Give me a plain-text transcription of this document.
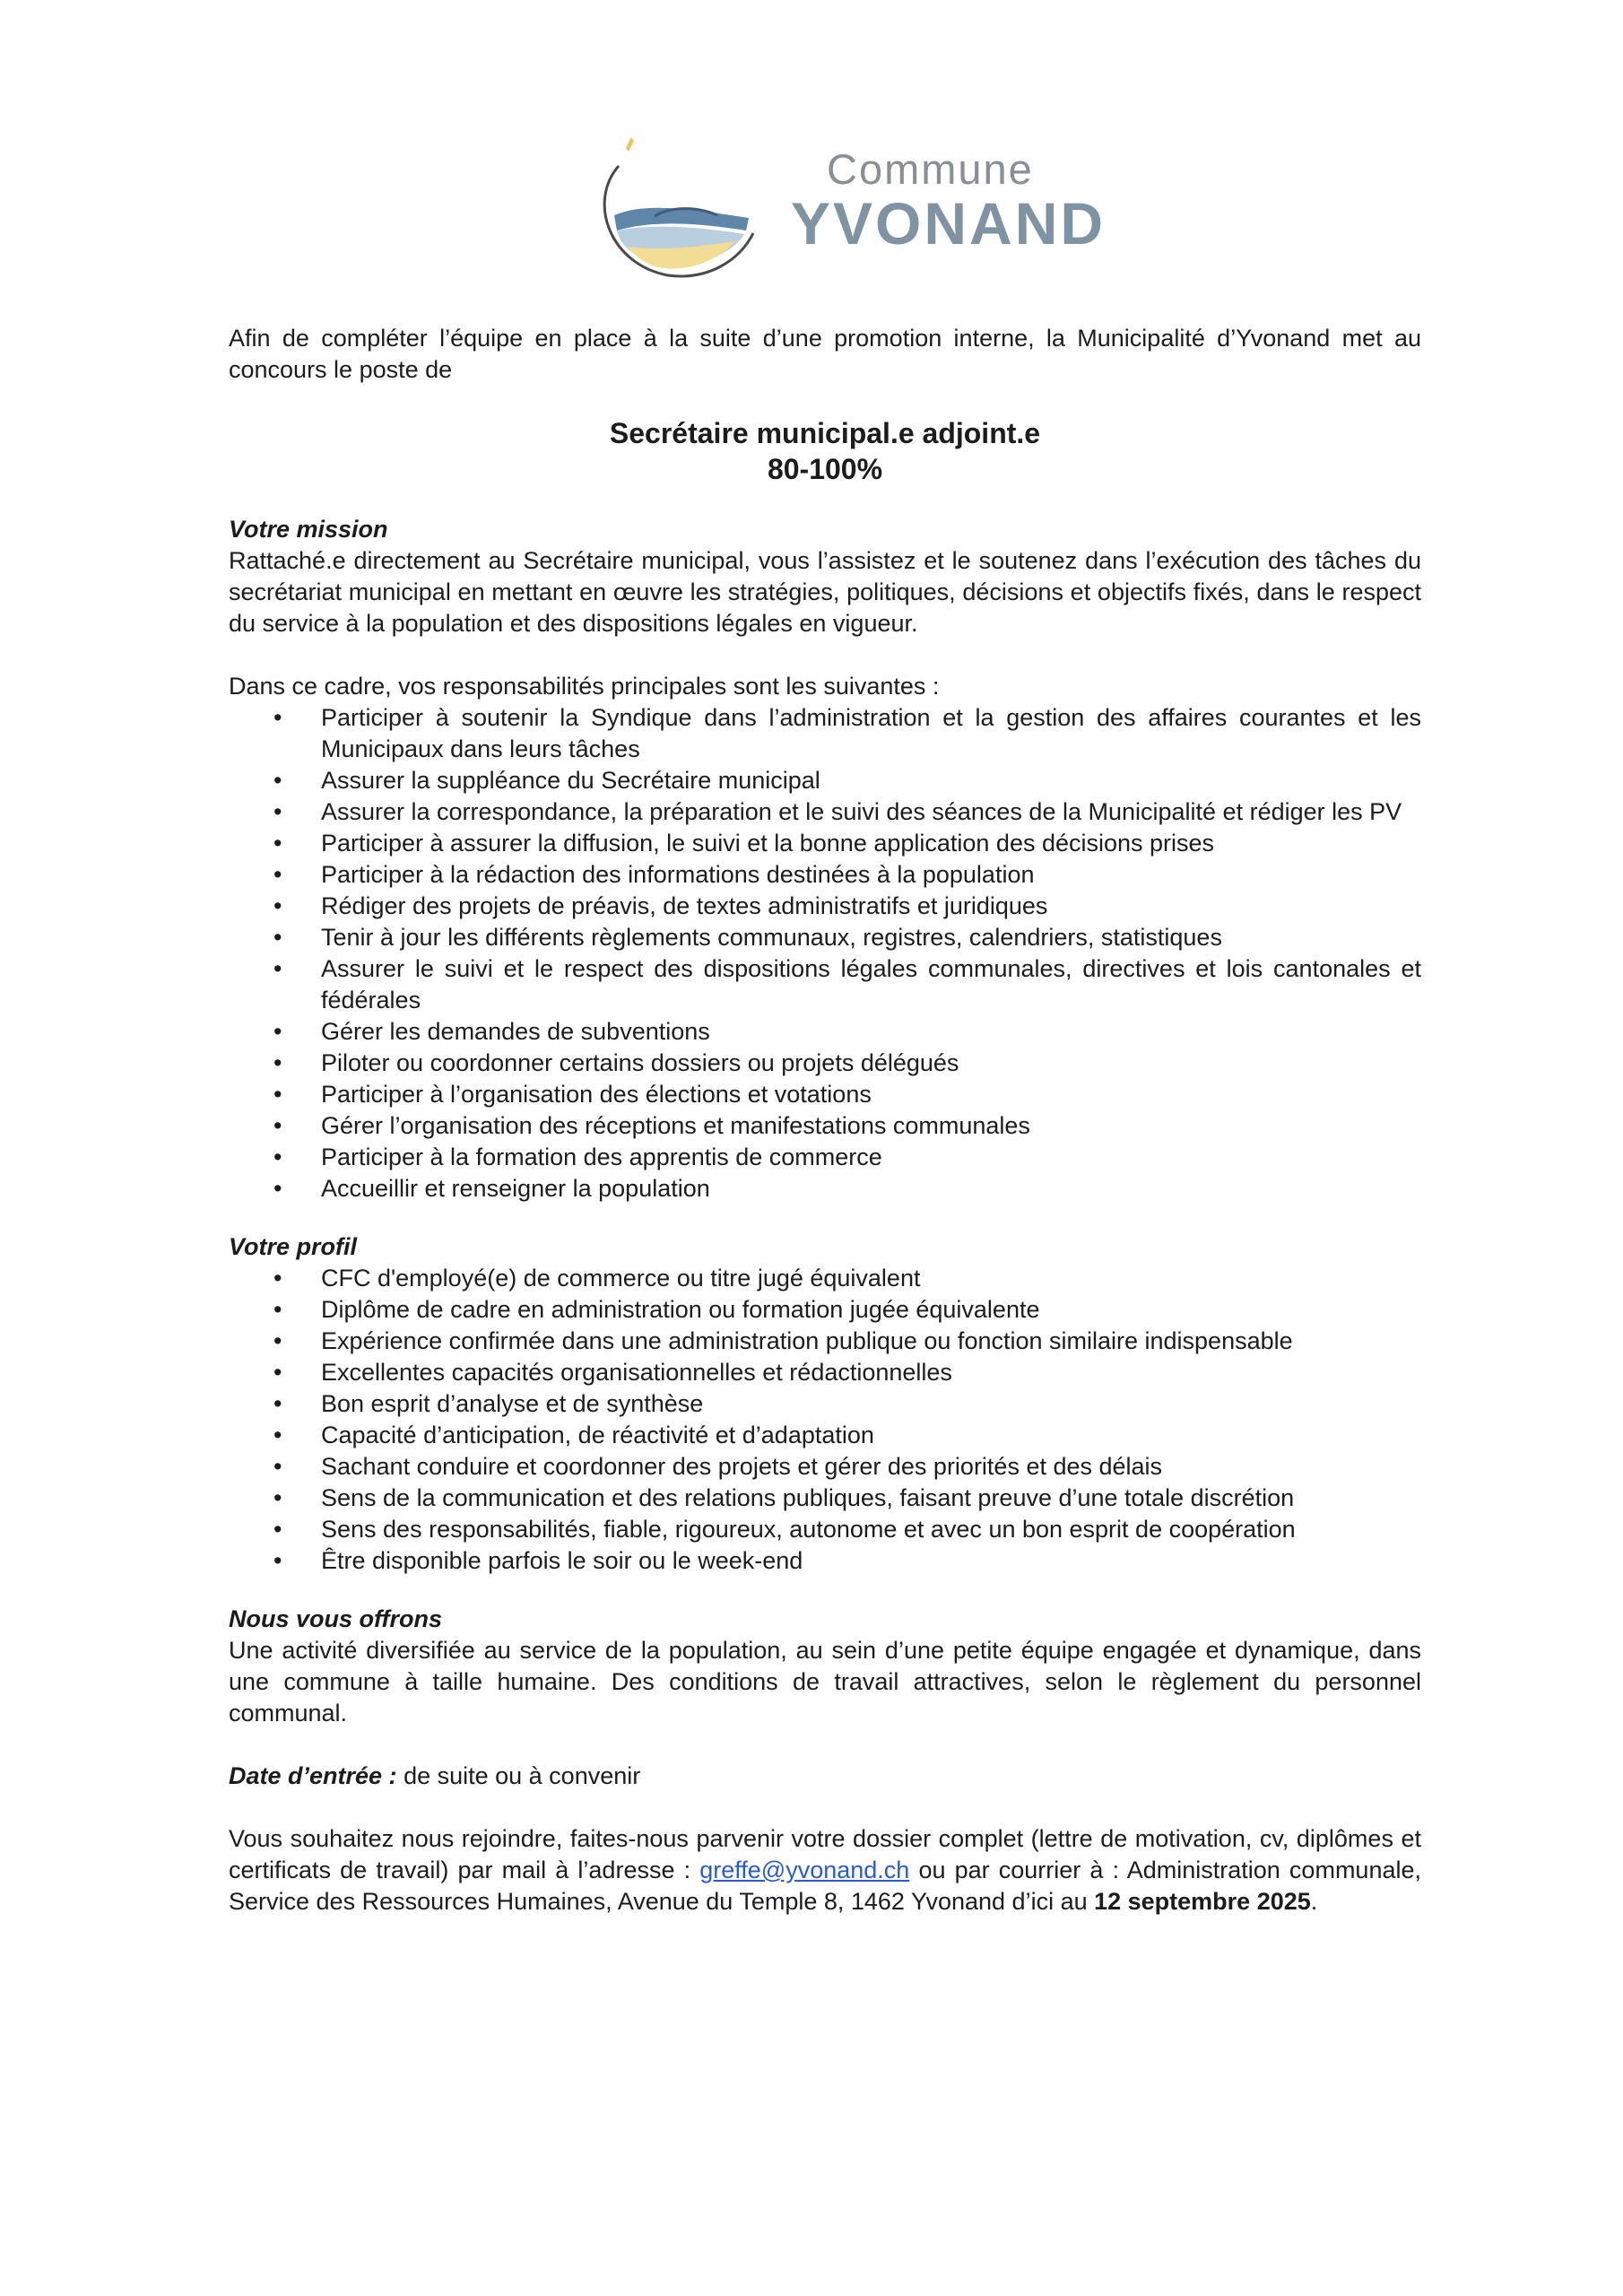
Commune
YVONAND

Afin de compléter l’équipe en place à la suite d’une promotion interne, la Municipalité d’Yvonand met au concours le poste de

Secrétaire municipal.e adjoint.e
80-100%
Votre mission

Rattaché.e directement au Secrétaire municipal, vous l’assistez et le soutenez dans l’exécution des tâches du secrétariat municipal en mettant en œuvre les stratégies, politiques, décisions et objectifs fixés, dans le respect du service à la population et des dispositions légales en vigueur.

Dans ce cadre, vos responsabilités principales sont les suivantes :

• Participer à soutenir la Syndique dans l’administration et la gestion des affaires courantes et les Municipaux dans leurs tâches
• Assurer la suppléance du Secrétaire municipal
• Assurer la correspondance, la préparation et le suivi des séances de la Municipalité et rédiger les PV
• Participer à assurer la diffusion, le suivi et la bonne application des décisions prises
• Participer à la rédaction des informations destinées à la population
• Rédiger des projets de préavis, de textes administratifs et juridiques
• Tenir à jour les différents règlements communaux, registres, calendriers, statistiques
• Assurer le suivi et le respect des dispositions légales communales, directives et lois cantonales et fédérales
• Gérer les demandes de subventions
• Piloter ou coordonner certains dossiers ou projets délégués
• Participer à l’organisation des élections et votations
• Gérer l’organisation des réceptions et manifestations communales
• Participer à la formation des apprentis de commerce
• Accueillir et renseigner la population
Votre profil
• CFC d'employé(e) de commerce ou titre jugé équivalent
• Diplôme de cadre en administration ou formation jugée équivalente
• Expérience confirmée dans une administration publique ou fonction similaire indispensable
• Excellentes capacités organisationnelles et rédactionnelles
• Bon esprit d’analyse et de synthèse
• Capacité d’anticipation, de réactivité et d’adaptation
• Sachant conduire et coordonner des projets et gérer des priorités et des délais
• Sens de la communication et des relations publiques, faisant preuve d’une totale discrétion
• Sens des responsabilités, fiable, rigoureux, autonome et avec un bon esprit de coopération
• Être disponible parfois le soir ou le week-end
Nous vous offrons

Une activité diversifiée au service de la population, au sein d’une petite équipe engagée et dynamique, dans une commune à taille humaine. Des conditions de travail attractives, selon le règlement du personnel communal.

Date d’entrée : de suite ou à convenir

Vous souhaitez nous rejoindre, faites-nous parvenir votre dossier complet (lettre de motivation, cv, diplômes et certificats de travail) par mail à l’adresse : greffe@yvonand.ch ou par courrier à : Administration communale, Service des Ressources Humaines, Avenue du Temple 8, 1462 Yvonand d’ici au 12 septembre 2025.
